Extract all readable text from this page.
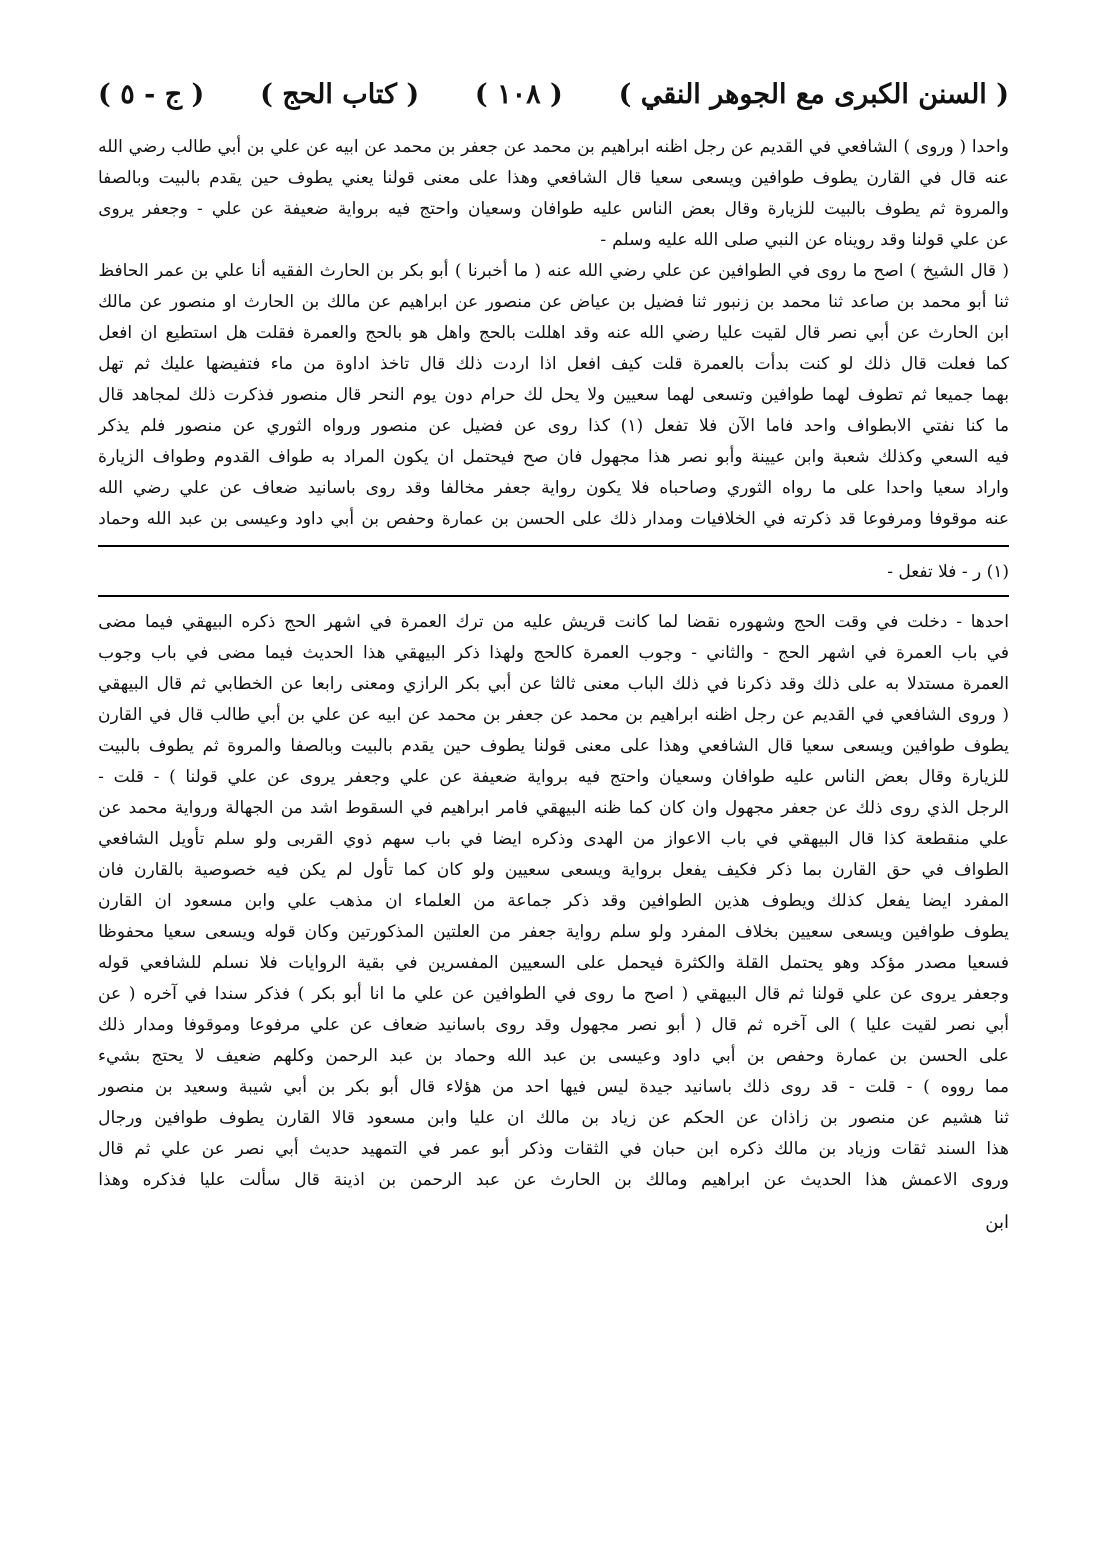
( السنن الكبرى مع الجوهر النقي )
( ١٠٨ )
( كتاب الحج )
( ج - ٥ )
واحدا
(
وروى
)
الشافعي
في
القديم
عن
رجل
اظنه
ابراهيم
بن
محمد
عن
جعفر
بن
محمد
عن
ابيه
عن
علي
بن
أبي
طالب
رضي
الله
عنه
قال
في
القارن
يطوف
طوافين
ويسعى
سعيا
قال
الشافعي
وهذا
على
معنى
قولنا
يعني
يطوف
حين
يقدم
بالبيت
وبالصفا
والمروة
ثم
يطوف
بالبيت
للزيارة
وقال
بعض
الناس
عليه
طوافان
وسعيان
واحتج
فيه
برواية
ضعيفة
عن
علي
-
وجعفر
يروى
عن
علي
قولنا
وقد
رويناه
عن
النبي
صلى
الله
عليه
وسلم
-
(
قال
الشيخ
)
اصح
ما
روى
في
الطوافين
عن
علي
رضي
الله
عنه
(
ما
أخبرنا
)
أبو
بكر
بن
الحارث
الفقيه
أنا
علي
بن
عمر
الحافظ
ثنا
أبو
محمد
بن
صاعد
ثنا
محمد
بن
زنبور
ثنا
فضيل
بن
عياض
عن
منصور
عن
ابراهيم
عن
مالك
بن
الحارث
او
منصور
عن
مالك
ابن
الحارث
عن
أبي
نصر
قال
لقيت
عليا
رضي
الله
عنه
وقد
اهللت
بالحج
واهل
هو
بالحج
والعمرة
فقلت
هل
استطيع
ان
افعل
كما
فعلت
قال
ذلك
لو
كنت
بدأت
بالعمرة
قلت
كيف
افعل
اذا
اردت
ذلك
قال
تاخذ
اداوة
من
ماء
فتفيضها
عليك
ثم
تهل
بهما
جميعا
ثم
تطوف
لهما
طوافين
وتسعى
لهما
سعيين
ولا
يحل
لك
حرام
دون
يوم
النحر
قال
منصور
فذكرت
ذلك
لمجاهد
قال
ما
كنا
نفتي
الابطواف
واحد
فاما
الآن
فلا
تفعل
(١)
كذا
روى
عن
فضيل
عن
منصور
ورواه
الثوري
عن
منصور
فلم
يذكر
فيه
السعي
وكذلك
شعبة
وابن
عيينة
وأبو
نصر
هذا
مجهول
فان
صح
فيحتمل
ان
يكون
المراد
به
طواف
القدوم
وطواف
الزيارة
واراد
سعيا
واحدا
على
ما
رواه
الثوري
وصاحباه
فلا
يكون
رواية
جعفر
مخالفا
وقد
روى
باسانيد
ضعاف
عن
علي
رضي
الله
عنه
موقوفا
ومرفوعا
قد
ذكرته
في
الخلافيات
ومدار
ذلك
على
الحسن
بن
عمارة
وحفص
بن
أبي
داود
وعيسى
بن
عبد
الله
وحماد
(١) ر - فلا تفعل -
احدها
-
دخلت
في
وقت
الحج
وشهوره
نقضا
لما
كانت
قريش
عليه
من
ترك
العمرة
في
اشهر
الحج
ذكره
البيهقي
فيما
مضى
في
باب
العمرة
في
اشهر
الحج
-
والثاني
-
وجوب
العمرة
كالحج
ولهذا
ذكر
البيهقي
هذا
الحديث
فيما
مضى
في
باب
وجوب
العمرة
مستدلا
به
على
ذلك
وقد
ذكرنا
في
ذلك
الباب
معنى
ثالثا
عن
أبي
بكر
الرازي
ومعنى
رابعا
عن
الخطابي
ثم
قال
البيهقي
(
وروى
الشافعي
في
القديم
عن
رجل
اظنه
ابراهيم
بن
محمد
عن
جعفر
بن
محمد
عن
ابيه
عن
علي
بن
أبي
طالب
قال
في
القارن
يطوف
طوافين
ويسعى
سعيا
قال
الشافعي
وهذا
على
معنى
قولنا
يطوف
حين
يقدم
بالبيت
وبالصفا
والمروة
ثم
يطوف
بالبيت
للزيارة
وقال
بعض
الناس
عليه
طوافان
وسعيان
واحتج
فيه
برواية
ضعيفة
عن
علي
وجعفر
يروى
عن
علي
قولنا
)
-
قلت
-
الرجل
الذي
روى
ذلك
عن
جعفر
مجهول
وان
كان
كما
ظنه
البيهقي
فامر
ابراهيم
في
السقوط
اشد
من
الجهالة
ورواية
محمد
عن
علي
منقطعة
كذا
قال
البيهقي
في
باب
الاعواز
من
الهدى
وذكره
ايضا
في
باب
سهم
ذوي
القربى
ولو
سلم
تأويل
الشافعي
الطواف
في
حق
القارن
بما
ذكر
فكيف
يفعل
برواية
ويسعى
سعيين
ولو
كان
كما
تأول
لم
يكن
فيه
خصوصية
بالقارن
فان
المفرد
ايضا
يفعل
كذلك
ويطوف
هذين
الطوافين
وقد
ذكر
جماعة
من
العلماء
ان
مذهب
علي
وابن
مسعود
ان
القارن
يطوف
طوافين
ويسعى
سعيين
بخلاف
المفرد
ولو
سلم
رواية
جعفر
من
العلتين
المذكورتين
وكان
قوله
ويسعى
سعيا
محفوظا
فسعيا
مصدر
مؤكد
وهو
يحتمل
القلة
والكثرة
فيحمل
على
السعيين
المفسرين
في
بقية
الروايات
فلا
نسلم
للشافعي
قوله
وجعفر
يروى
عن
علي
قولنا
ثم
قال
البيهقي
(
اصح
ما
روى
في
الطوافين
عن
علي
ما
انا
أبو
بكر
)
فذكر
سندا
في
آخره
(
عن
أبي
نصر
لقيت
عليا
)
الى
آخره
ثم
قال
(
أبو
نصر
مجهول
وقد
روى
باسانيد
ضعاف
عن
علي
مرفوعا
وموقوفا
ومدار
ذلك
على
الحسن
بن
عمارة
وحفص
بن
أبي
داود
وعيسى
بن
عبد
الله
وحماد
بن
عبد
الرحمن
وكلهم
ضعيف
لا
يحتج
بشيء
مما
رووه
)
-
قلت
-
قد
روى
ذلك
باسانيد
جيدة
ليس
فيها
احد
من
هؤلاء
قال
أبو
بكر
بن
أبي
شيبة
وسعيد
بن
منصور
ثنا
هشيم
عن
منصور
بن
زاذان
عن
الحكم
عن
زياد
بن
مالك
ان
عليا
وابن
مسعود
قالا
القارن
يطوف
طوافين
ورجال
هذا
السند
ثقات
وزياد
بن
مالك
ذكره
ابن
حبان
في
الثقات
وذكر
أبو
عمر
في
التمهيد
حديث
أبي
نصر
عن
علي
ثم
قال
وروى
الاعمش
هذا
الحديث
عن
ابراهيم
ومالك
بن
الحارث
عن
عبد
الرحمن
بن
اذينة
قال
سألت
عليا
فذكره
وهذا
ابن
